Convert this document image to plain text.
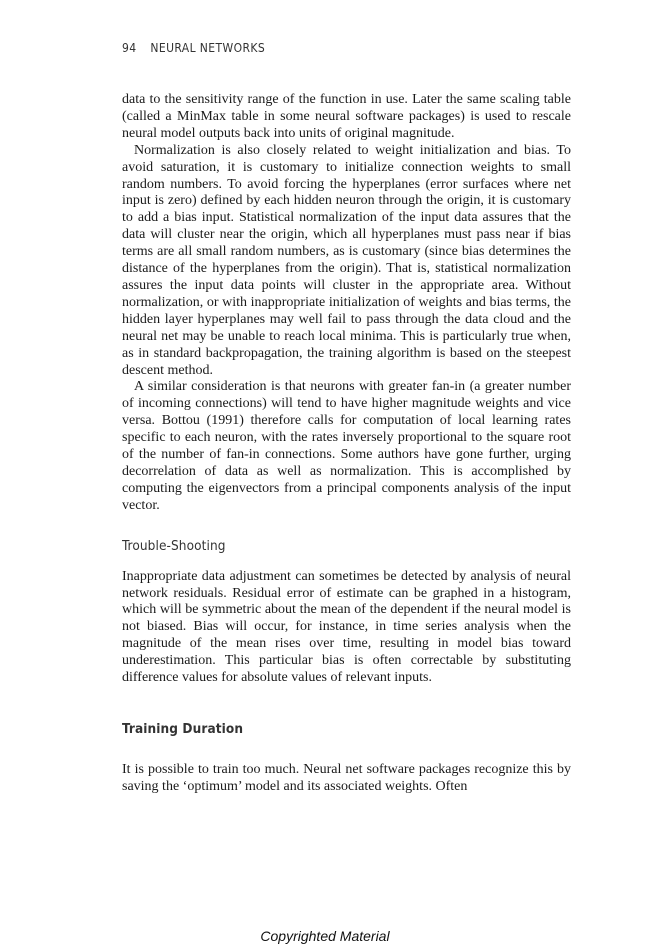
94 NEURAL NETWORKS

data to the sensitivity range of the function in use. Later the same scaling table (called a MinMax table in some neural software packages) is used to rescale neural model outputs back into units of original magnitude.

Normalization is also closely related to weight initialization and bias. To avoid saturation, it is customary to initialize connection weights to small random numbers. To avoid forcing the hyperplanes (error surfaces where net input is zero) defined by each hidden neuron through the origin, it is customary to add a bias input. Statistical normalization of the input data assures that the data will cluster near the origin, which all hyperplanes must pass near if bias terms are all small random numbers, as is customary (since bias determines the distance of the hyperplanes from the origin). That is, statistical normalization assures the input data points will cluster in the appropriate area. Without normalization, or with inappropriate initialization of weights and bias terms, the hidden layer hyperplanes may well fail to pass through the data cloud and the neural net may be unable to reach local minima. This is particularly true when, as in standard backpropagation, the training algorithm is based on the steepest descent method.

A similar consideration is that neurons with greater fan-in (a greater number of incoming connections) will tend to have higher magnitude weights and vice versa. Bottou (1991) therefore calls for computation of local learning rates specific to each neuron, with the rates inversely proportional to the square root of the number of fan-in connections. Some authors have gone further, urging decorrelation of data as well as normalization. This is accomplished by computing the eigenvectors from a principal components analysis of the input vector.

Trouble-Shooting

Inappropriate data adjustment can sometimes be detected by analysis of neural network residuals. Residual error of estimate can be graphed in a histogram, which will be symmetric about the mean of the dependent if the neural model is not biased. Bias will occur, for instance, in time series analysis when the magnitude of the mean rises over time, resulting in model bias toward underestimation. This particular bias is often correctable by substituting difference values for absolute values of relevant inputs.

Training Duration

It is possible to train too much. Neural net software packages recognize this by saving the ‘optimum’ model and its associated weights. Often

Copyrighted Material
